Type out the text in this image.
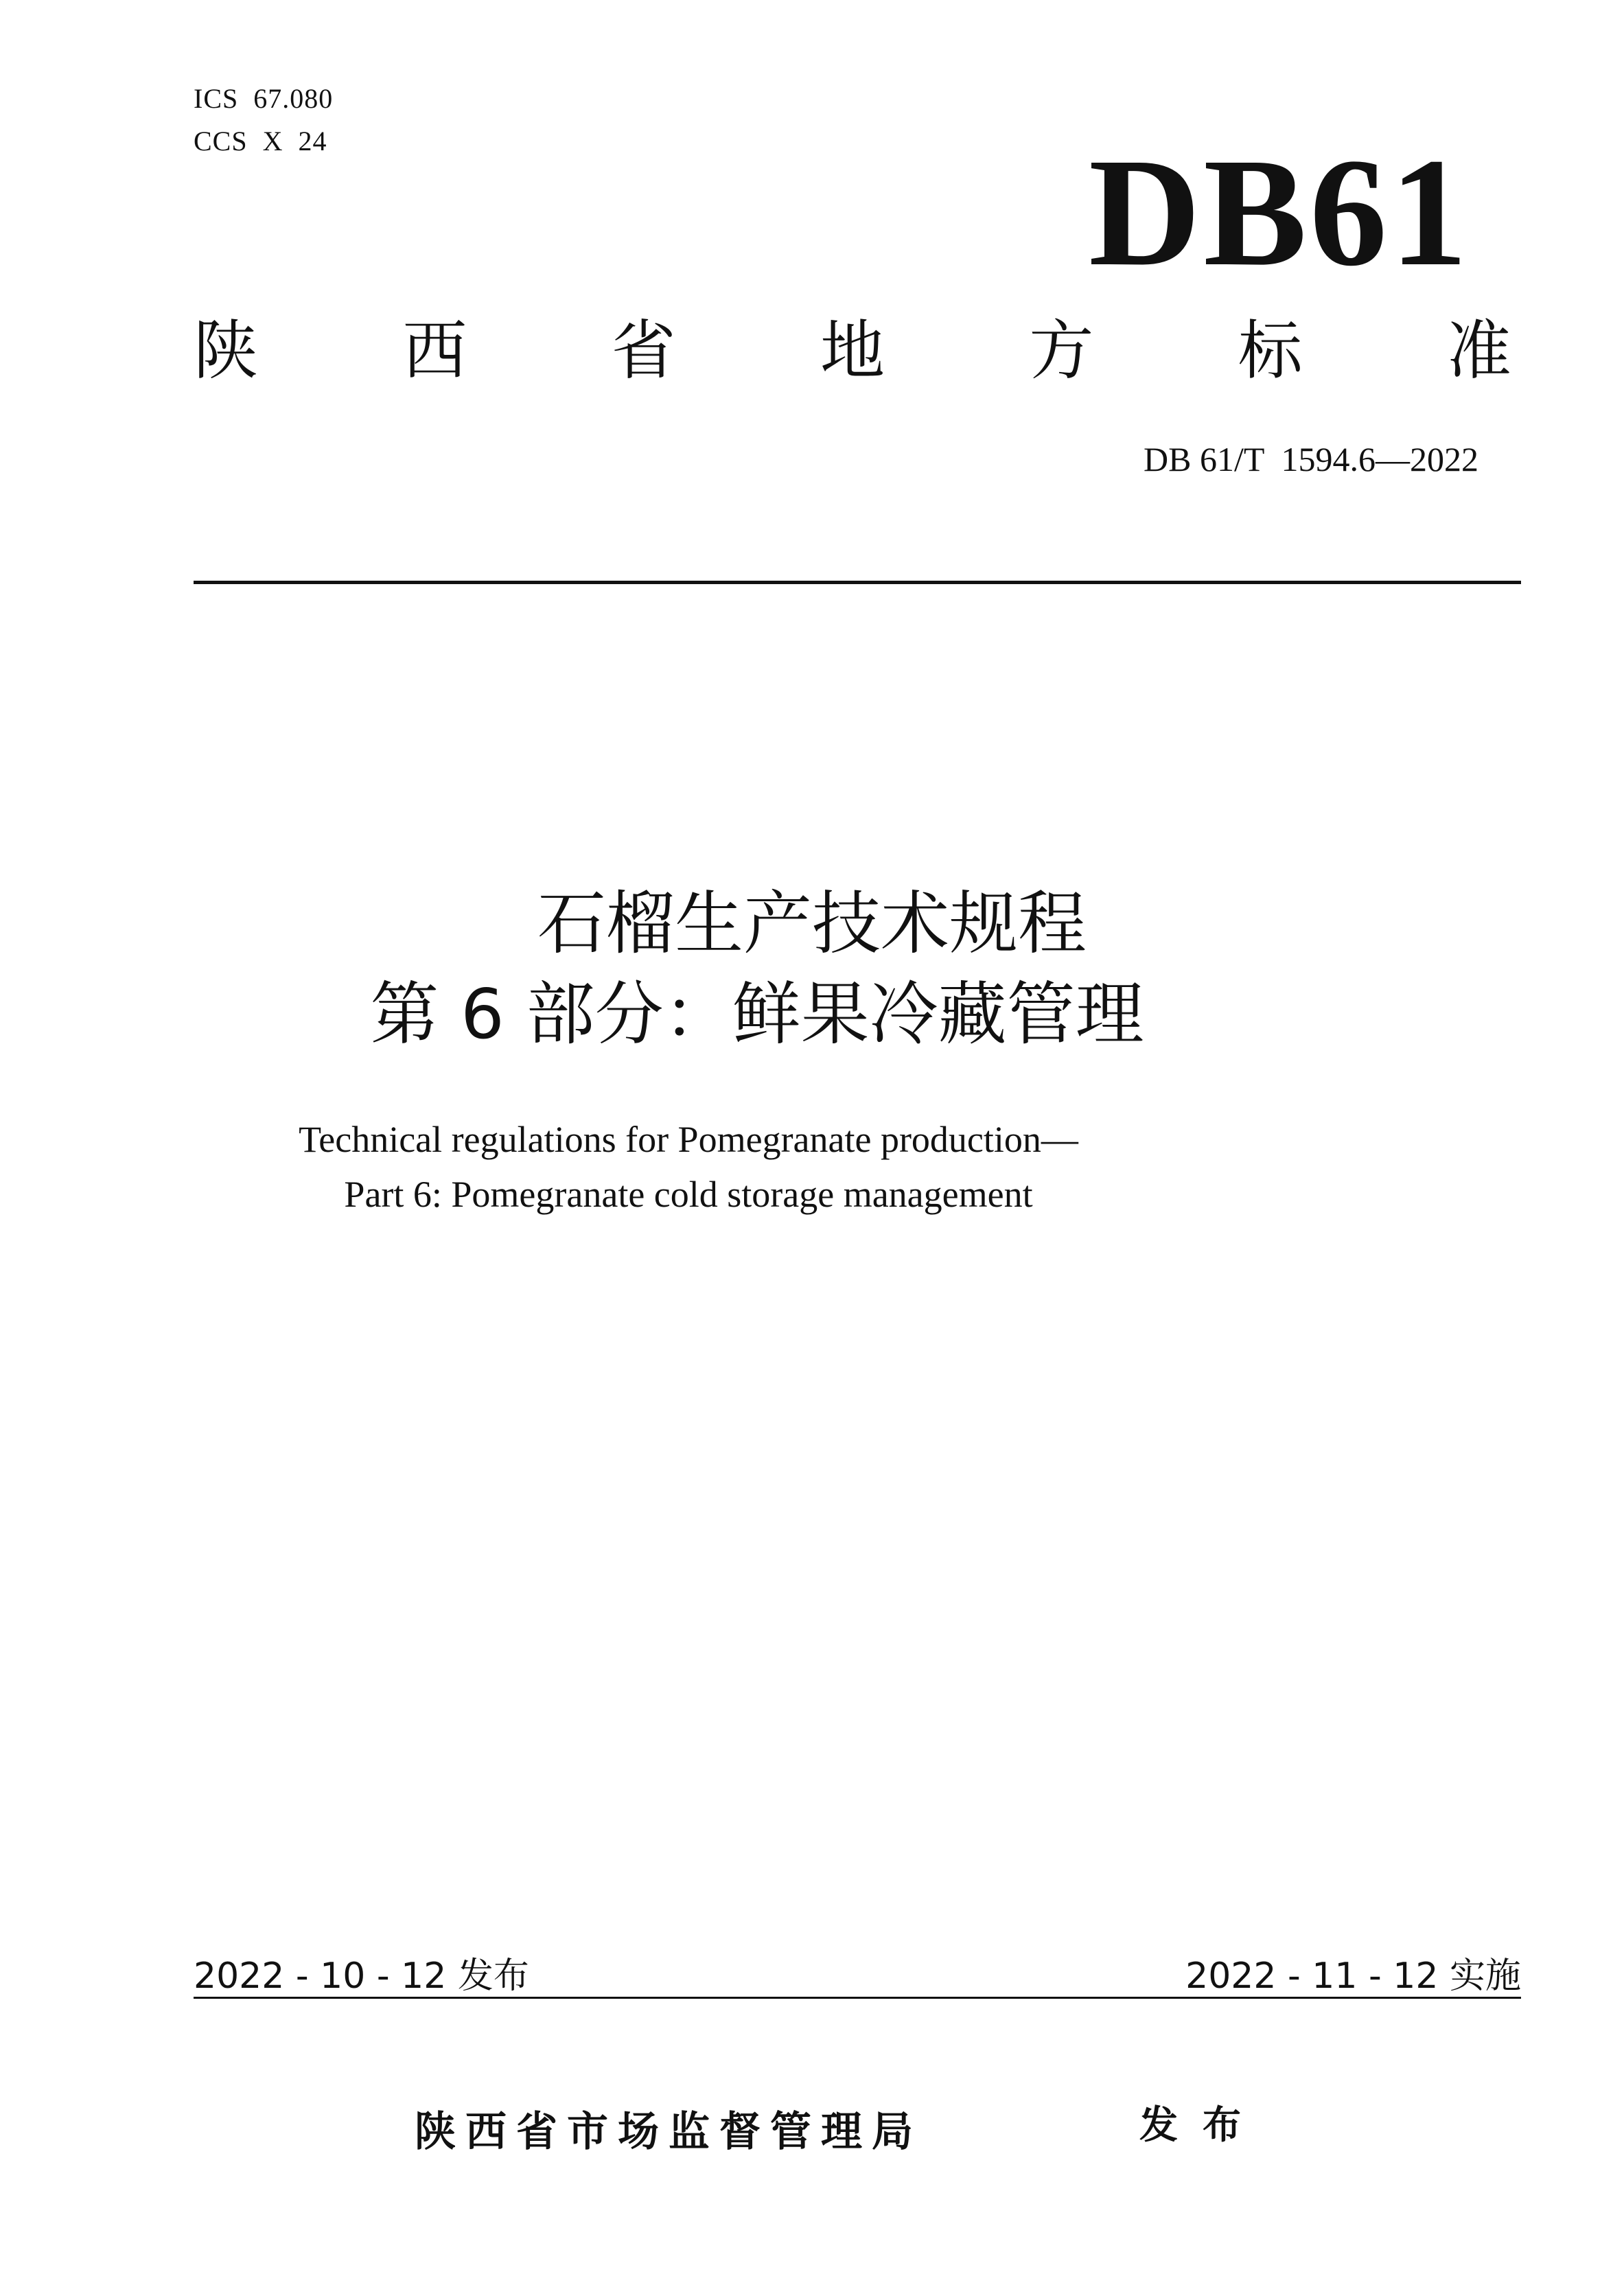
ICS  67.080
CCS  X  24	DB61
陕 西 省 地 方 标 准
DB 61/T  1594.6—2022
石榴生产技术规程
第 6 部分：鲜果冷藏管理
Technical regulations for Pomegranate production—
Part 6: Pomegranate cold storage management
2022 - 10 - 12 发布	2022 - 11 - 12 实施
陕西省市场监督管理局	发布
